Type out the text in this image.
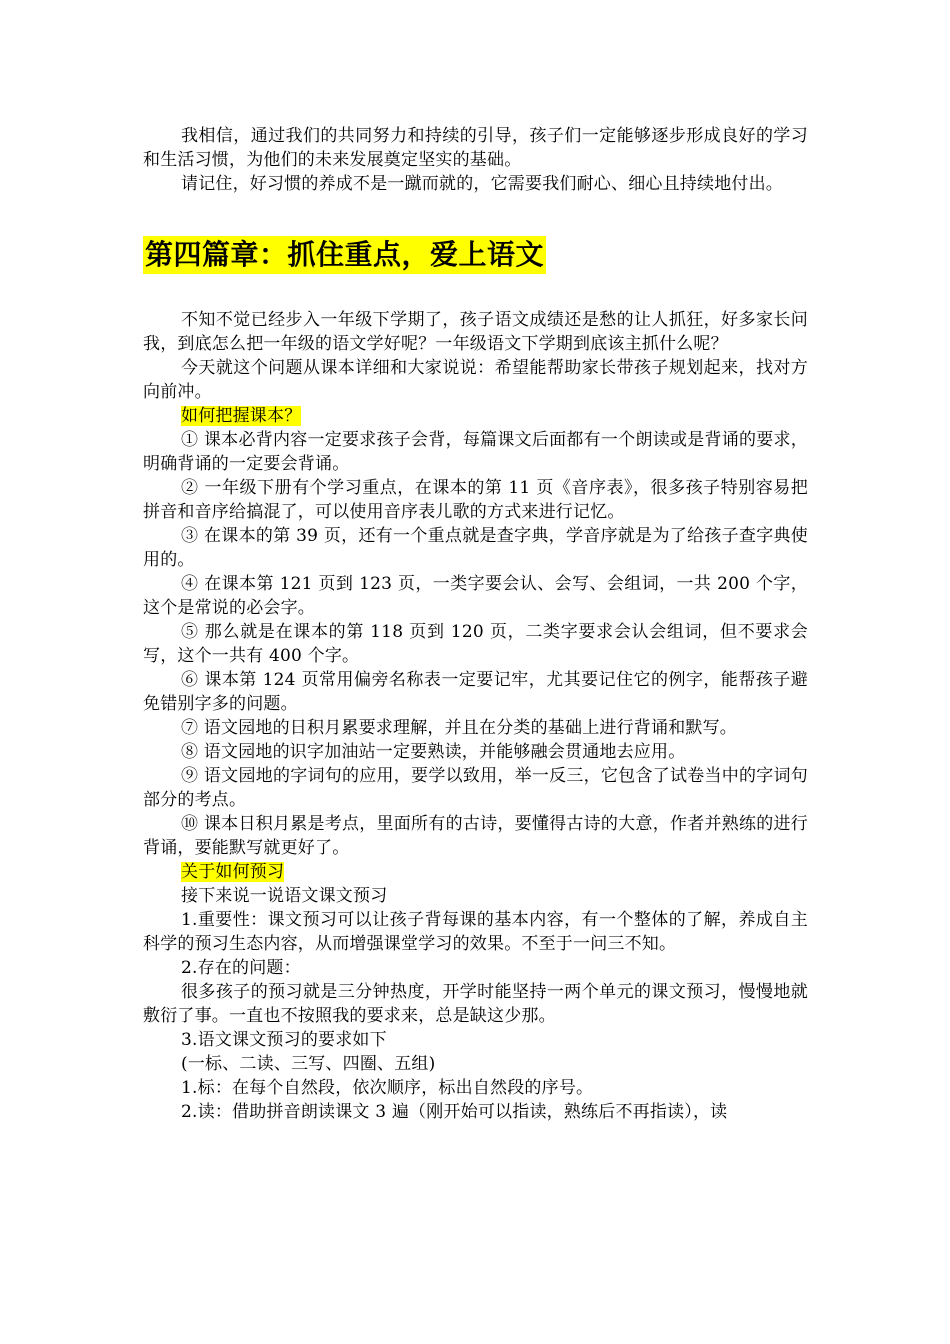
我相信，通过我们的共同努力和持续的引导，孩子们一定能够逐步形成良好的学习和生活习惯，为他们的未来发展奠定坚实的基础。

请记住，好习惯的养成不是一蹴而就的，它需要我们耐心、细心且持续地付出。

第四篇章：抓住重点，爱上语文

不知不觉已经步入一年级下学期了，孩子语文成绩还是愁的让人抓狂，好多家长问我，到底怎么把一年级的语文学好呢？一年级语文下学期到底该主抓什么呢？

今天就这个问题从课本详细和大家说说：希望能帮助家长带孩子规划起来，找对方向前冲。

如何把握课本？

① 课本必背内容一定要求孩子会背，每篇课文后面都有一个朗读或是背诵的要求，明确背诵的一定要会背诵。

② 一年级下册有个学习重点，在课本的第 11 页《音序表》，很多孩子特别容易把拼音和音序给搞混了，可以使用音序表儿歌的方式来进行记忆。

③ 在课本的第 39 页，还有一个重点就是查字典，学音序就是为了给孩子查字典使用的。

④ 在课本第 121 页到 123 页，一类字要会认、会写、会组词，一共 200 个字，这个是常说的必会字。

⑤ 那么就是在课本的第 118 页到 120 页，二类字要求会认会组词，但不要求会写，这个一共有 400 个字。

⑥ 课本第 124 页常用偏旁名称表一定要记牢，尤其要记住它的例字，能帮孩子避免错别字多的问题。

⑦ 语文园地的日积月累要求理解，并且在分类的基础上进行背诵和默写。

⑧ 语文园地的识字加油站一定要熟读，并能够融会贯通地去应用。

⑨ 语文园地的字词句的应用，要学以致用，举一反三，它包含了试卷当中的字词句部分的考点。

⑩ 课本日积月累是考点，里面所有的古诗，要懂得古诗的大意，作者并熟练的进行背诵，要能默写就更好了。

关于如何预习

接下来说一说语文课文预习

1.重要性：课文预习可以让孩子背每课的基本内容，有一个整体的了解，养成自主科学的预习生态内容，从而增强课堂学习的效果。不至于一问三不知。

2.存在的问题：

很多孩子的预习就是三分钟热度，开学时能坚持一两个单元的课文预习，慢慢地就敷衍了事。一直也不按照我的要求来，总是缺这少那。

3.语文课文预习的要求如下

(一标、二读、三写、四圈、五组)

1.标：在每个自然段，依次顺序，标出自然段的序号。

2.读：借助拼音朗读课文 3 遍（刚开始可以指读，熟练后不再指读），读
